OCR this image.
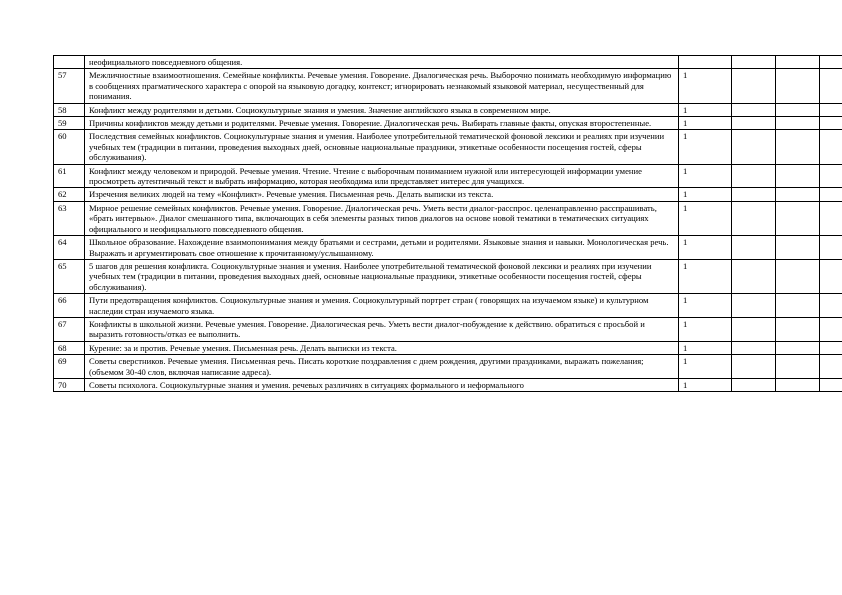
	неофициального повседневного общения.				
57	Межличностные взаимоотношения. Семейные конфликты. Речевые умения. Говорение. Диалогическая речь. Выборочно понимать необходимую информацию в сообщениях прагматического характера с опорой на языковую догадку, контекст; игнорировать незнакомый языковой материал, несущественный для понимания.	1			
58	Конфликт между родителями и детьми. Социокультурные знания и умения. Значение английского языка в современном мире.	1			
59	Причины конфликтов между детьми и родителями. Речевые умения. Говорение. Диалогическая речь. Выбирать главные факты, опуская второстепенные.	1			
60	Последствия семейных конфликтов. Социокультурные знания и умения. Наиболее употребительной тематической фоновой лексики и реалиях при изучении учебных тем (традиции в питании, проведения выходных дней, основные национальные праздники, этикетные особенности посещения гостей, сферы обслуживания).	1			
61	Конфликт между человеком и природой. Речевые умения. Чтение. Чтение с выборочным пониманием нужной или интересующей информации умение просмотреть аутентичный текст и выбрать информацию, которая необходима или представляет интерес для учащихся.	1			
62	Изречения великих людей на тему «Конфликт». Речевые умения. Письменная речь. Делать выписки из текста.	1			
63	Мирное решение семейных конфликтов. Речевые умения. Говорение. Диалогическая речь. Уметь вести диалог-расспрос. целенаправленно расспрашивать, «брать интервью». Диалог смешанного типа, включающих в себя элементы разных типов диалогов на основе новой тематики в тематических ситуациях официального и неофициального повседневного общения.	1			
64	Школьное образование. Нахождение взаимопонимания между братьями и сестрами, детьми и родителями. Языковые знания и навыки. Монологическая речь. Выражать и аргументировать свое отношение к прочитанному/услышанному.	1			
65	5 шагов для решения конфликта. Социокультурные знания и умения. Наиболее употребительной тематической фоновой лексики и реалиях при изучении учебных тем (традиции в питании, проведения выходных дней, основные национальные праздники, этикетные особенности посещения гостей, сферы обслуживания).	1			
66	Пути предотвращения конфликтов. Социокультурные знания и умения. Социокультурный портрет стран ( говорящих на изучаемом языке) и культурном наследии стран изучаемого языка.	1			
67	Конфликты в школьной жизни. Речевые умения. Говорение. Диалогическая речь. Уметь вести диалог-побуждение к действию. обратиться с просьбой и выразить готовность/отказ ее выполнить.	1			
68	Курение: за и против. Речевые умения. Письменная речь. Делать выписки из текста.	1			
69	Советы сверстников. Речевые умения. Письменная речь. Писать короткие поздравления с днем рождения, другими праздниками, выражать пожелания; (объемом 30-40 слов, включая написание адреса).	1			
70	Советы психолога. Социокультурные знания и умения. речевых различиях в ситуациях формального и неформального	1			
